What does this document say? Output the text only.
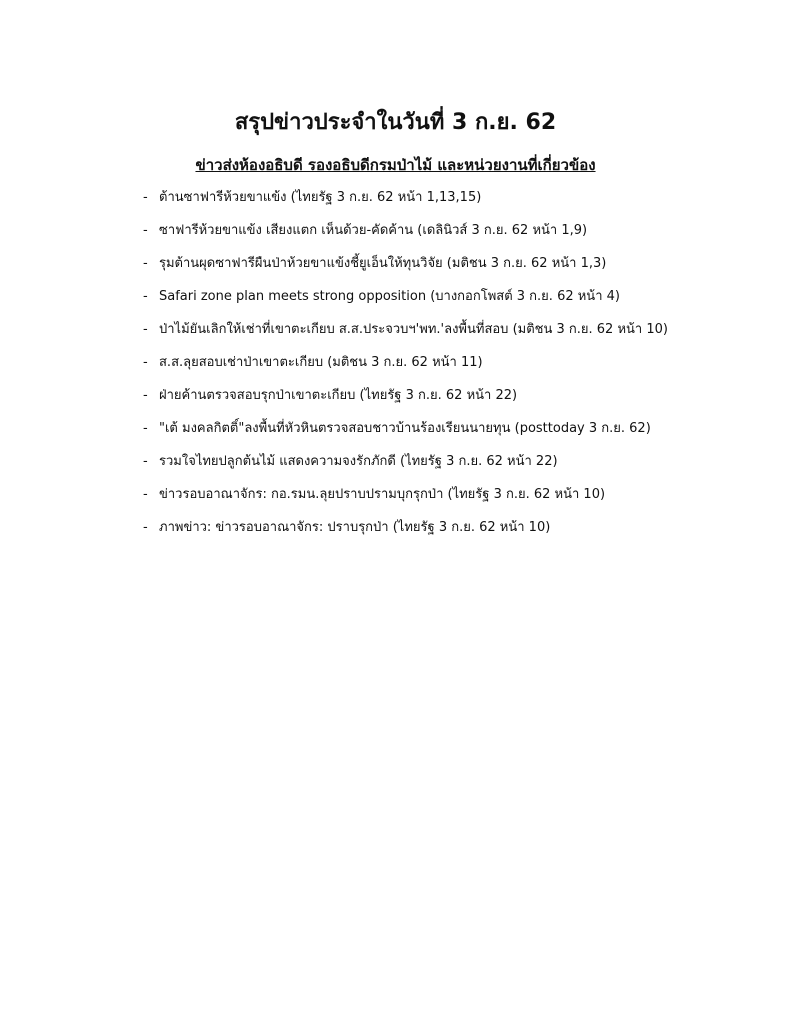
สรุปข่าวประจำในวันที่ 3 ก.ย. 62
ข่าวส่งห้องอธิบดี รองอธิบดีกรมป่าไม้ และหน่วยงานที่เกี่ยวข้อง
- ต้านซาฟารีห้วยขาแข้ง (ไทยรัฐ 3 ก.ย. 62 หน้า 1,13,15)
- ซาฟารีห้วยขาแข้ง เสียงแตก เห็นด้วย-คัดค้าน (เดลินิวส์ 3 ก.ย. 62 หน้า 1,9)
- รุมต้านผุดซาฟารีผืนป่าห้วยขาแข้งชี้ยูเอ็นให้ทุนวิจัย (มติชน 3 ก.ย. 62 หน้า 1,3)
- Safari zone plan meets strong opposition (บางกอกโพสต์ 3 ก.ย. 62 หน้า 4)
- ป่าไม้ยันเลิกให้เช่าที่เขาตะเกียบ ส.ส.ประจวบฯ'พท.'ลงพื้นที่สอบ (มติชน 3 ก.ย. 62 หน้า 10)
- ส.ส.ลุยสอบเช่าป่าเขาตะเกียบ (มติชน 3 ก.ย. 62 หน้า 11)
- ฝ่ายค้านตรวจสอบรุกป่าเขาตะเกียบ (ไทยรัฐ 3 ก.ย. 62 หน้า 22)
- "เต้ มงคลกิตติ์"ลงพื้นที่หัวหินตรวจสอบชาวบ้านร้องเรียนนายทุน (posttoday 3 ก.ย. 62)
- รวมใจไทยปลูกต้นไม้ แสดงความจงรักภักดี (ไทยรัฐ 3 ก.ย. 62 หน้า 22)
- ข่าวรอบอาณาจักร: กอ.รมน.ลุยปราบปรามบุกรุกป่า (ไทยรัฐ 3 ก.ย. 62 หน้า 10)
- ภาพข่าว: ข่าวรอบอาณาจักร: ปราบรุกป่า (ไทยรัฐ 3 ก.ย. 62 หน้า 10)
